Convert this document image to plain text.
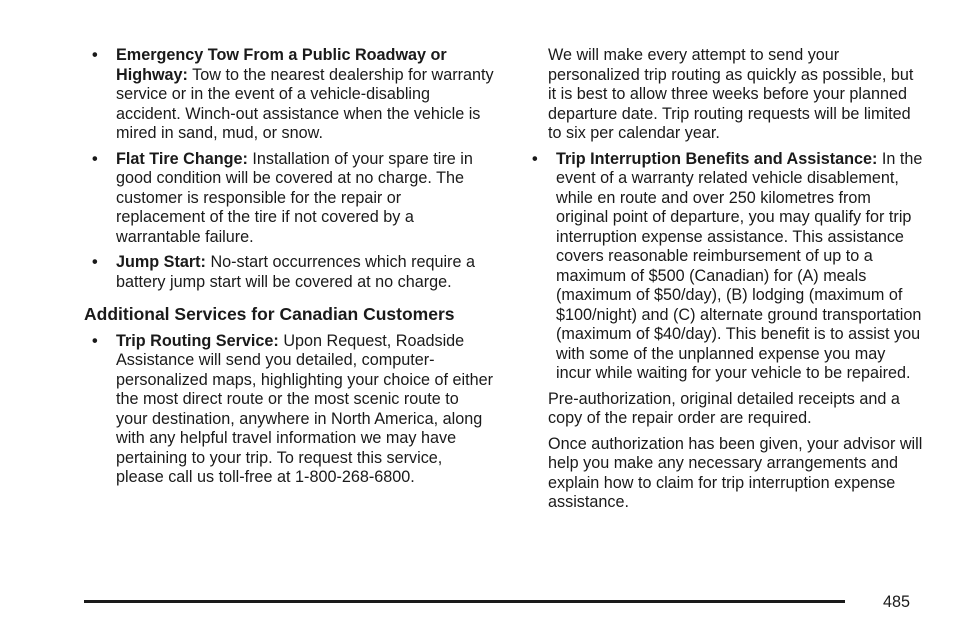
• Emergency Tow From a Public Roadway or Highway: Tow to the nearest dealership for warranty service or in the event of a vehicle-disabling accident. Winch-out assistance when the vehicle is mired in sand, mud, or snow.
• Flat Tire Change: Installation of your spare tire in good condition will be covered at no charge. The customer is responsible for the repair or replacement of the tire if not covered by a warrantable failure.
• Jump Start: No-start occurrences which require a battery jump start will be covered at no charge.
Additional Services for Canadian Customers
• Trip Routing Service: Upon Request, Roadside Assistance will send you detailed, computer-personalized maps, highlighting your choice of either the most direct route or the most scenic route to your destination, anywhere in North America, along with any helpful travel information we may have pertaining to your trip. To request this service, please call us toll-free at 1-800-268-6800.
We will make every attempt to send your personalized trip routing as quickly as possible, but it is best to allow three weeks before your planned departure date. Trip routing requests will be limited to six per calendar year.
• Trip Interruption Benefits and Assistance: In the event of a warranty related vehicle disablement, while en route and over 250 kilometres from original point of departure, you may qualify for trip interruption expense assistance. This assistance covers reasonable reimbursement of up to a maximum of $500 (Canadian) for (A) meals (maximum of $50/day), (B) lodging (maximum of $100/night) and (C) alternate ground transportation (maximum of $40/day). This benefit is to assist you with some of the unplanned expense you may incur while waiting for your vehicle to be repaired.
Pre-authorization, original detailed receipts and a copy of the repair order are required.
Once authorization has been given, your advisor will help you make any necessary arrangements and explain how to claim for trip interruption expense assistance.
485
